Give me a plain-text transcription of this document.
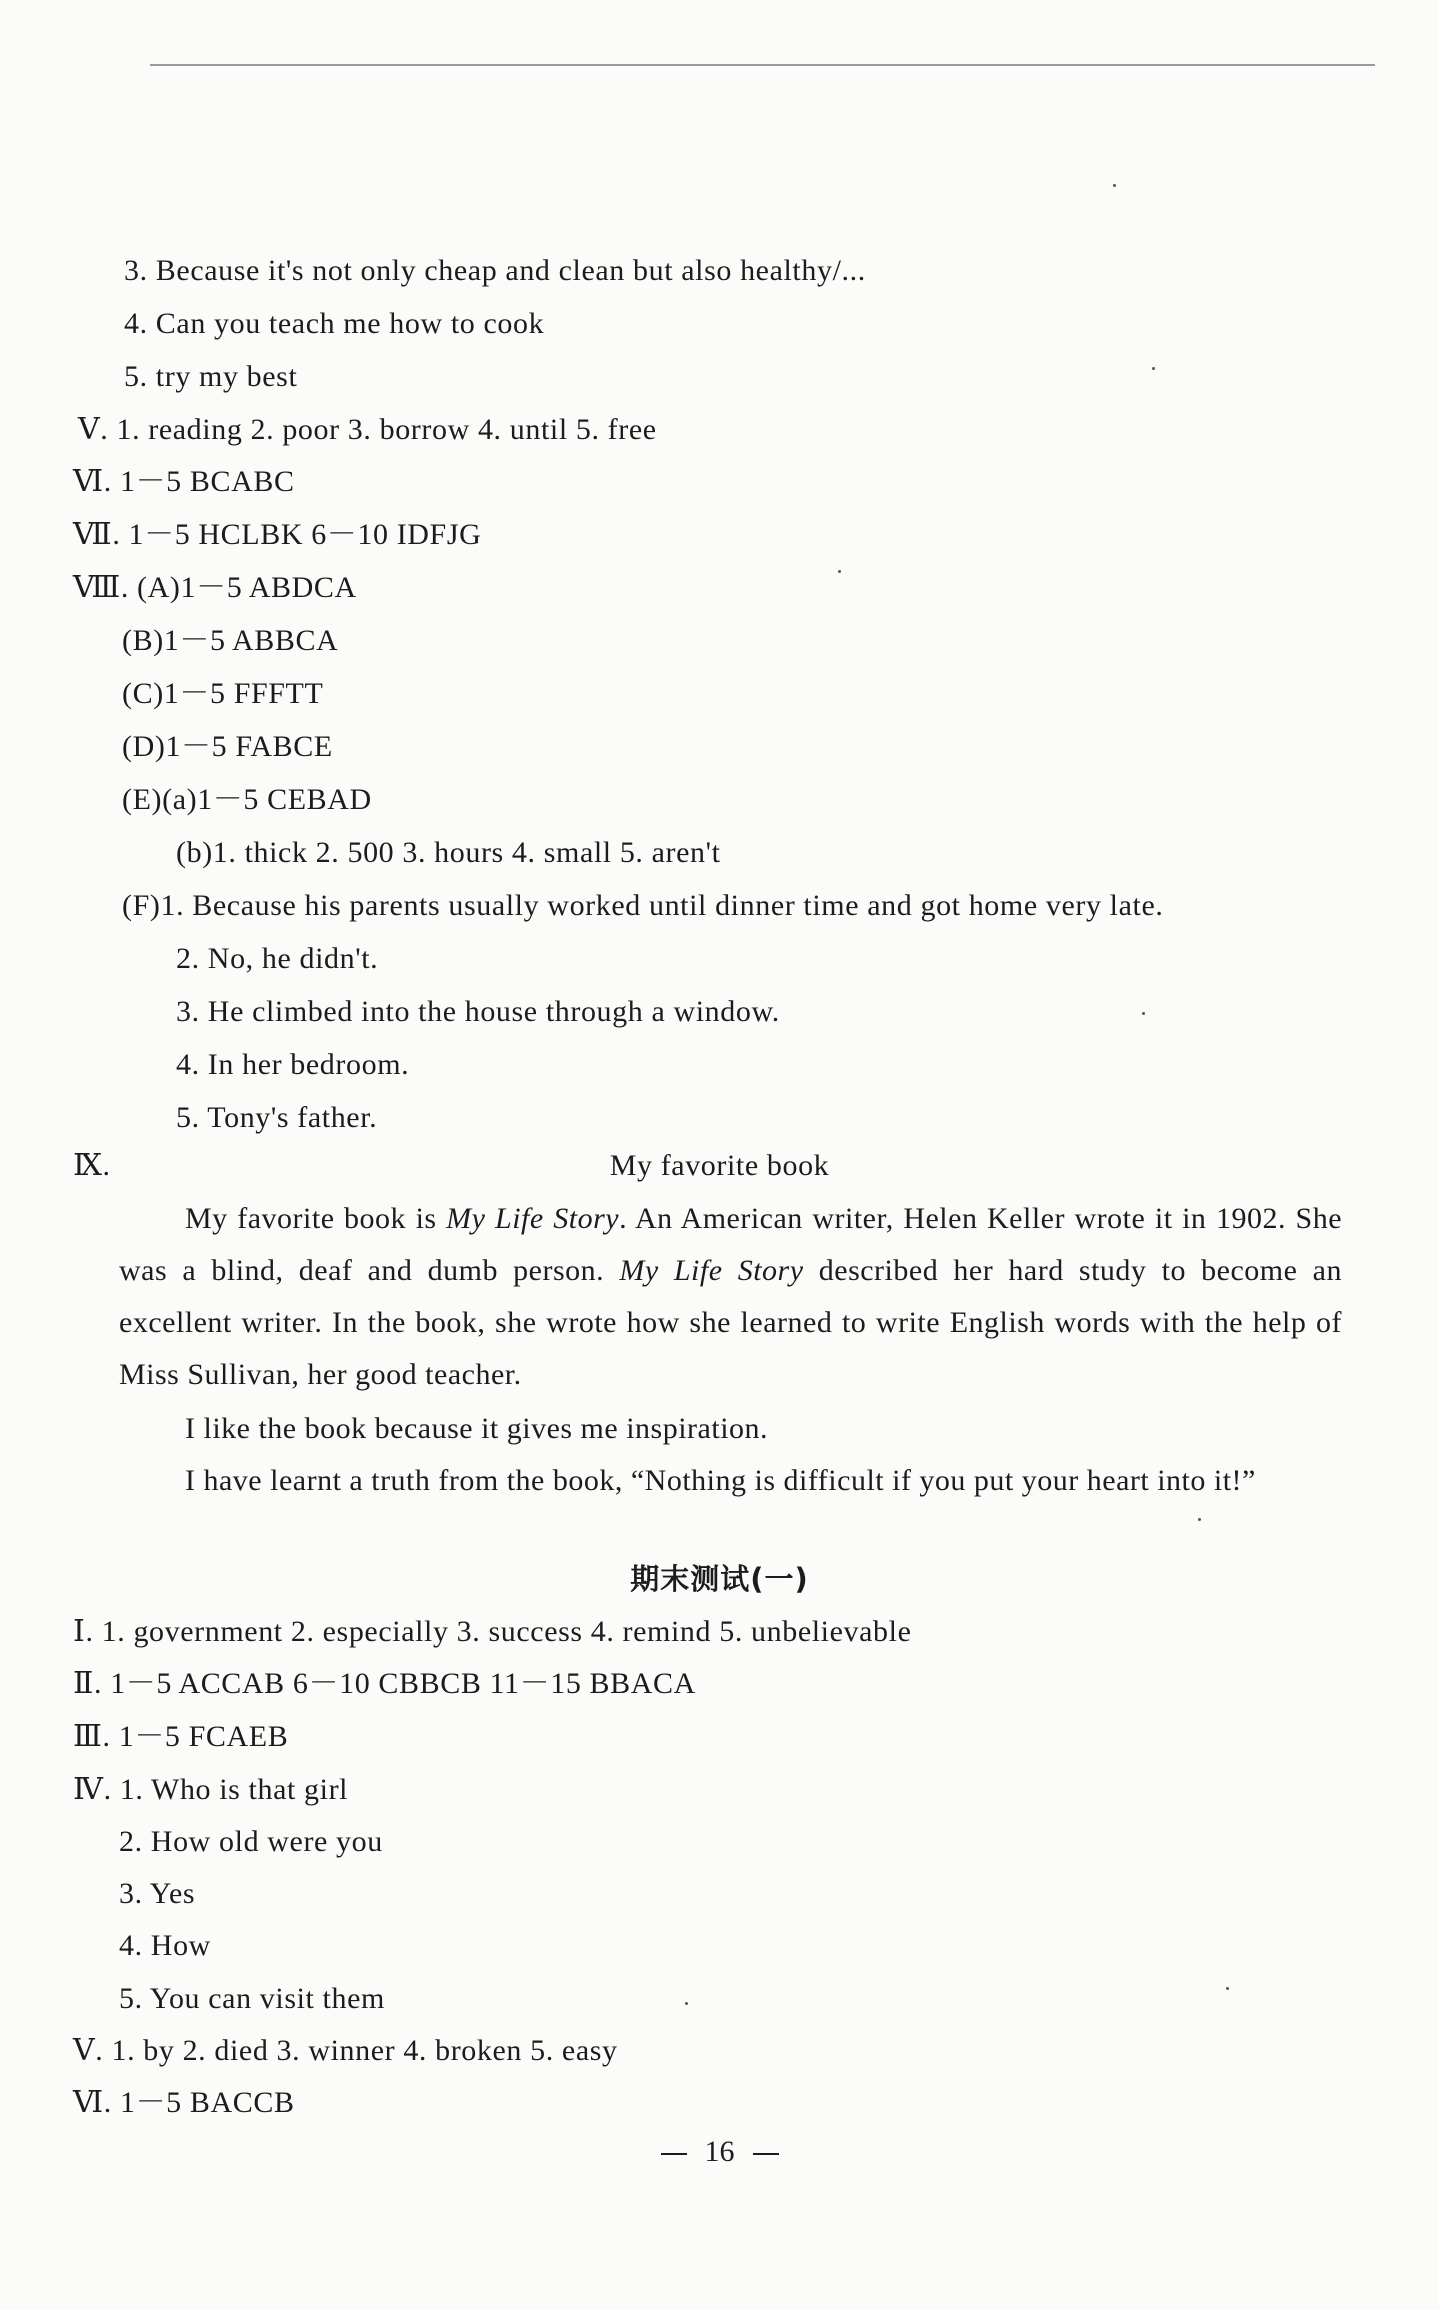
3. Because it's not only cheap and clean but also healthy/...
4. Can you teach me how to cook
5. try my best
Ⅴ. 1. reading 2. poor 3. borrow 4. until 5. free
Ⅵ. 1－5 BCABC
Ⅶ. 1－5 HCLBK 6－10 IDFJG
Ⅷ. (A)1－5 ABDCA
(B)1－5 ABBCA
(C)1－5 FFFTT
(D)1－5 FABCE
(E)(a)1－5 CEBAD
(b)1. thick 2. 500 3. hours 4. small 5. aren't
(F)1. Because his parents usually worked until dinner time and got home very late.
2. No, he didn't.
3. He climbed into the house through a window.
4. In her bedroom.
5. Tony's father.
Ⅸ.	My favorite book
My favorite book is My Life Story. An American writer, Helen Keller wrote it in 1902. She was a blind, deaf and dumb person. My Life Story described her hard study to become an excellent writer. In the book, she wrote how she learned to write English words with the help of Miss Sullivan, her good teacher.
I like the book because it gives me inspiration.
I have learnt a truth from the book, “Nothing is difficult if you put your heart into it!”
期末测试(一)
Ⅰ. 1. government 2. especially 3. success 4. remind 5. unbelievable
Ⅱ. 1－5 ACCAB 6－10 CBBCB 11－15 BBACA
Ⅲ. 1－5 FCAEB
Ⅳ. 1. Who is that girl
2. How old were you
3. Yes
4. How
5. You can visit them
Ⅴ. 1. by 2. died 3. winner 4. broken 5. easy
Ⅵ. 1－5 BACCB
16
